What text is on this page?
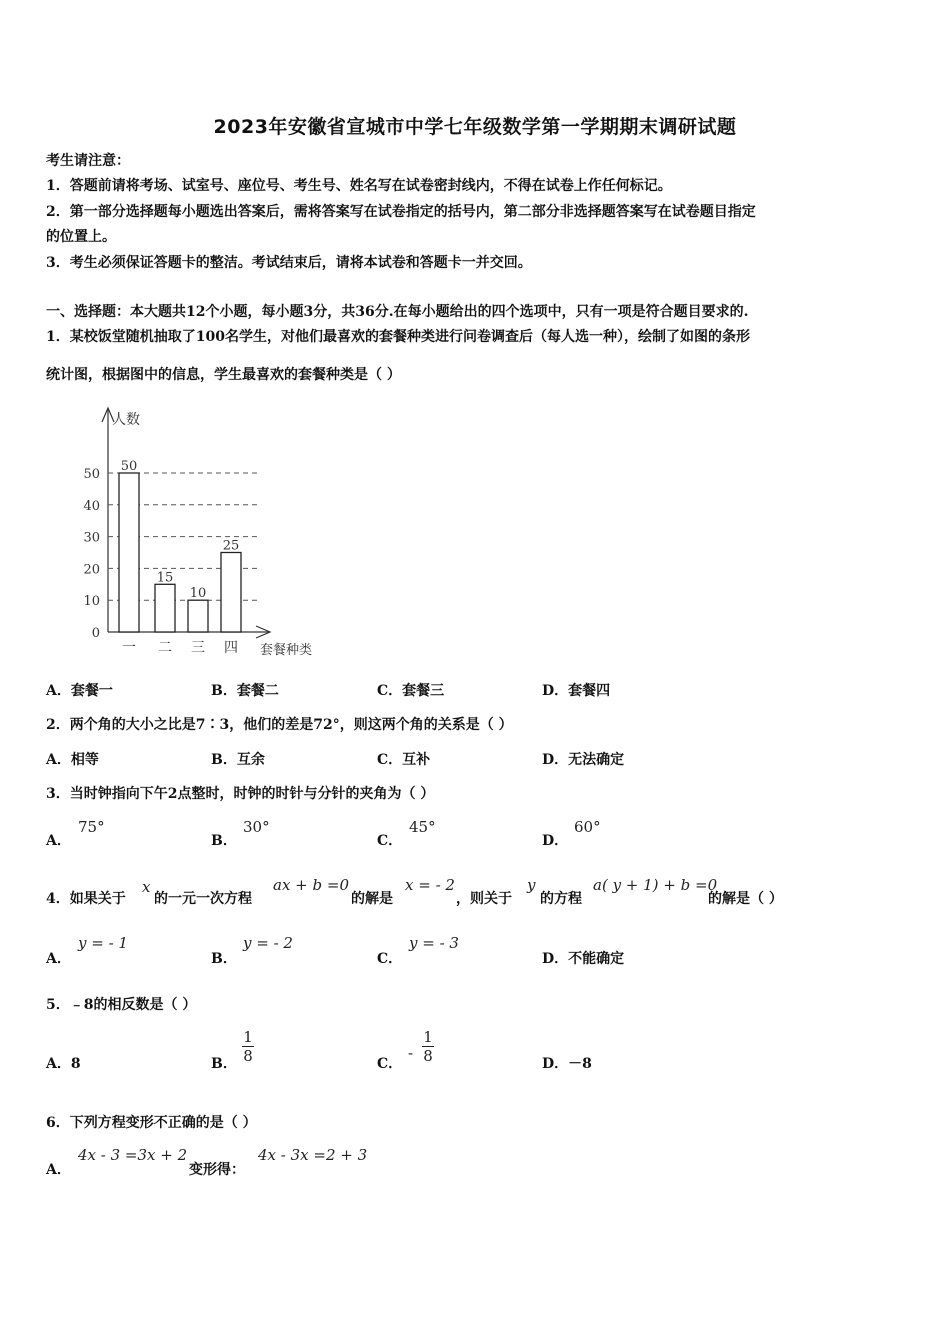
2023年安徽省宣城市中学七年级数学第一学期期末调研试题
考生请注意：
1．答题前请将考场、试室号、座位号、考生号、姓名写在试卷密封线内，不得在试卷上作任何标记。
2．第一部分选择题每小题选出答案后，需将答案写在试卷指定的括号内，第二部分非选择题答案写在试卷题目指定
的位置上。
3．考生必须保证答题卡的整洁。考试结束后，请将本试卷和答题卡一并交回。
一、选择题：本大题共12个小题，每小题3分，共36分.在每小题给出的四个选项中，只有一项是符合题目要求的.
1．某校饭堂随机抽取了100名学生，对他们最喜欢的套餐种类进行问卷调查后（每人选一种），绘制了如图的条形
统计图，根据图中的信息，学生最喜欢的套餐种类是（ ）
人数
套餐种类
0
10
20
30
40
50
50
一
15
二
10
三
25
四
A．套餐一	B．套餐二	C．套餐三	D．套餐四
2．两个角的大小之比是7∶3，他们的差是72°，则这两个角的关系是（ ）
A．相等	B．互余	C．互补	D．无法确定
3．当时钟指向下午2点整时，时钟的时针与分针的夹角为（ ）
A．
75°
B．
30°
C．
45°
D．
60°
4．如果关于
x
的一元一次方程
ax + b =0
的解是
x = - 2
，则关于
y
的方程
a( y + 1) + b =0
的解是（ ）
A．
y = - 1
B．
y = - 2
C．
y = - 3
D．不能确定
5．﹣8的相反数是（ ）
A．8	B．
1
8	C．
-
1
8	D．－8
6．下列方程变形不正确的是（ ）
A．
4x - 3 =3x + 2
变形得：
4x - 3x =2 + 3
